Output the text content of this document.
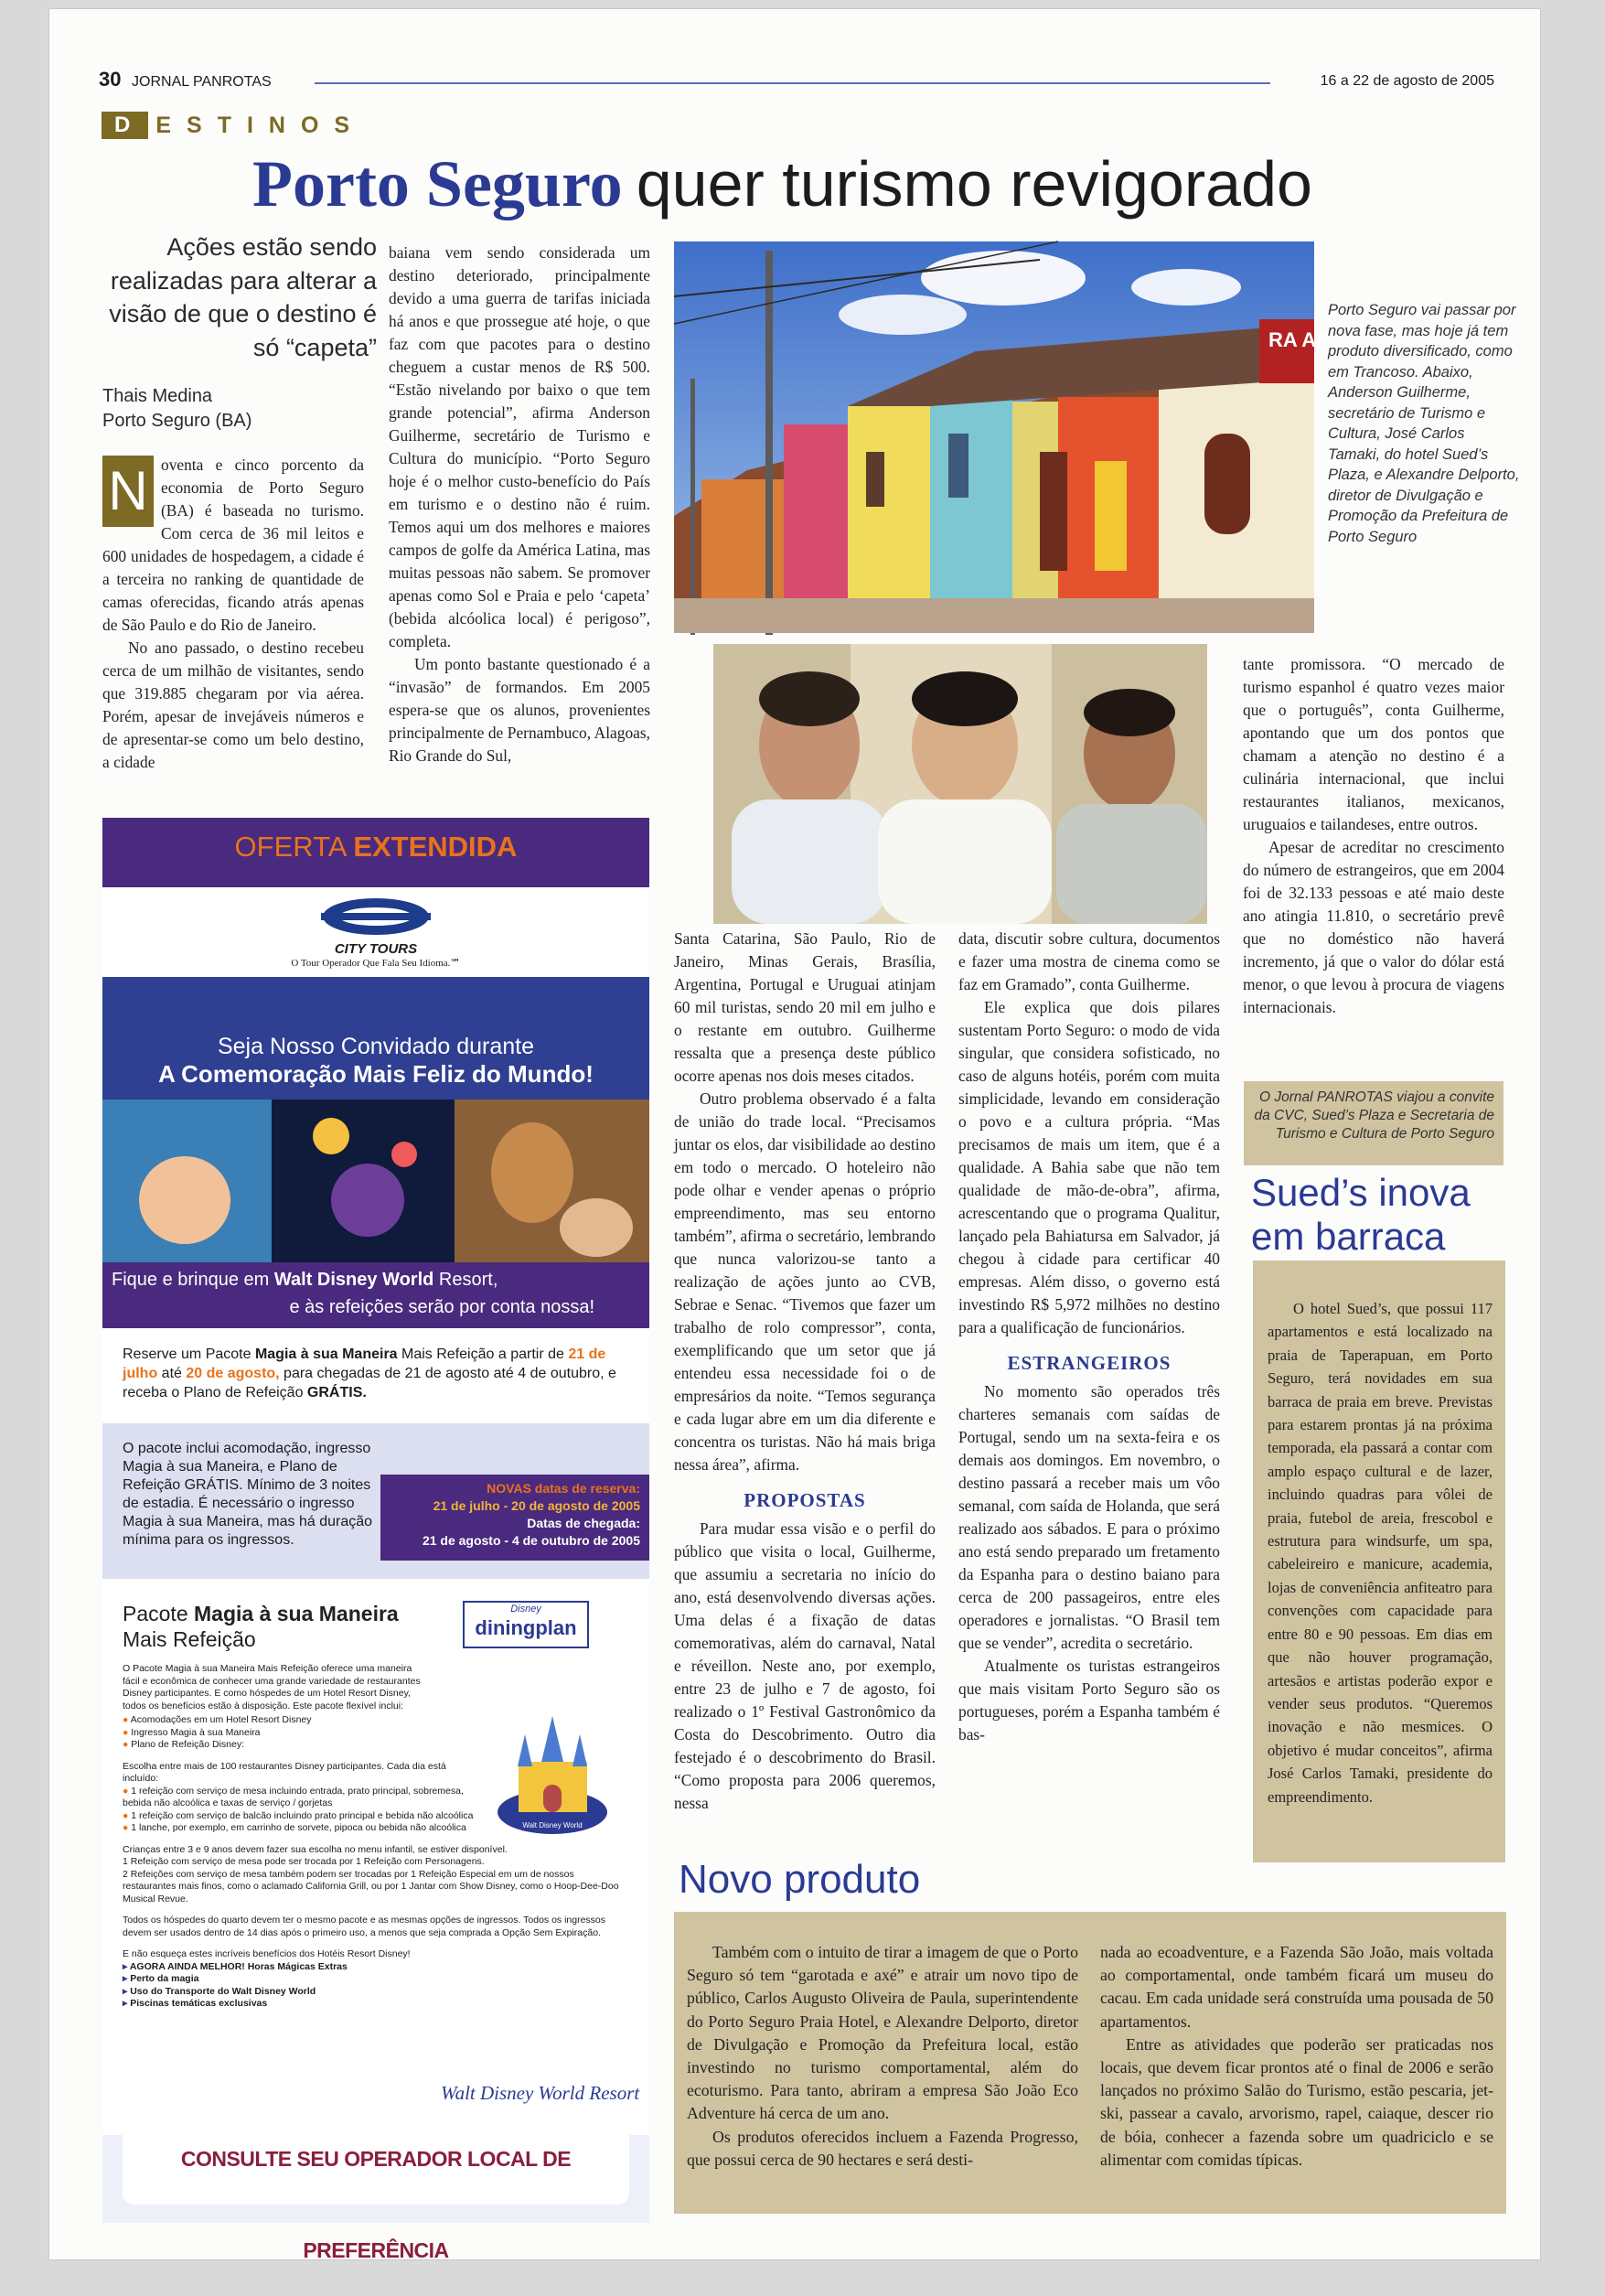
30 JORNAL PANROTAS	16 a 22 de agosto de 2005
D ESTINOS
Porto Seguro quer turismo revigorado
Ações estão sendo realizadas para alterar a visão de que o destino é só “capeta”
Thais Medina
Porto Seguro (BA)
N oventa e cinco porcento da economia de Porto Seguro (BA) é baseada no turismo. Com cerca de 36 mil leitos e 600 unidades de hospedagem, a cidade é a terceira no ranking de quantidade de camas oferecidas, ficando atrás apenas de São Paulo e do Rio de Janeiro.

No ano passado, o destino recebeu cerca de um milhão de visitantes, sendo que 319.885 chegaram por via aérea. Porém, apesar de invejáveis números e de apresentar-se como um belo destino, a cidade

baiana vem sendo considerada um destino deteriorado, principalmente devido a uma guerra de tarifas iniciada há anos e que prossegue até hoje, o que faz com que pacotes para o destino cheguem a custar menos de R$ 500. “Estão nivelando por baixo o que tem grande potencial”, afirma Anderson Guilherme, secretário de Turismo e Cultura do município. “Porto Seguro hoje é o melhor custo-benefício do País em turismo e o destino não é ruim. Temos aqui um dos melhores e maiores campos de golfe da América Latina, mas muitas pessoas não sabem. Se promover apenas como Sol e Praia e pelo ‘capeta’ (bebida alcóolica local) é perigoso”, completa.

Um ponto bastante questionado é a “invasão” de formandos. Em 2005 espera-se que os alunos, provenientes principalmente de Pernambuco, Alagoas, Rio Grande do Sul,

RA AR
Porto Seguro vai passar por nova fase, mas hoje já tem produto diversificado, como em Trancoso. Abaixo, Anderson Guilherme, secretário de Turismo e Cultura, José Carlos Tamaki, do hotel Sued’s Plaza, e Alexandre Delporto, diretor de Divulgação e Promoção da Prefeitura de Porto Seguro

Santa Catarina, São Paulo, Rio de Janeiro, Minas Gerais, Brasília, Argentina, Portugal e Uruguai atinjam 60 mil turistas, sendo 20 mil em julho e o restante em outubro. Guilherme ressalta que a presença deste público ocorre apenas nos dois meses citados.

Outro problema observado é a falta de união do trade local. “Precisamos juntar os elos, dar visibilidade ao destino em todo o mercado. O hoteleiro não pode olhar e vender apenas o próprio empreendimento, mas seu entorno também”, afirma o secretário, lembrando que nunca valorizou-se tanto a realização de ações junto ao CVB, Sebrae e Senac. “Tivemos que fazer um trabalho de rolo compressor”, conta, exemplificando que um setor que já entendeu essa necessidade foi o de empresários da noite. “Temos segurança e cada lugar abre em um dia diferente e concentra os turistas. Não há mais briga nessa área”, afirma.

PROPOSTAS

Para mudar essa visão e o perfil do público que visita o local, Guilherme, que assumiu a secretaria no início do ano, está desenvolvendo diversas ações. Uma delas é a fixação de datas comemorativas, além do carnaval, Natal e réveillon. Neste ano, por exemplo, entre 23 de julho e 7 de agosto, foi realizado o 1º Festival Gastronômico da Costa do Descobrimento. Outro dia festejado é o descobrimento do Brasil. “Como proposta para 2006 queremos, nessa

data, discutir sobre cultura, documentos e fazer uma mostra de cinema como se faz em Gramado”, conta Guilherme.

Ele explica que dois pilares sustentam Porto Seguro: o modo de vida singular, que considera sofisticado, no caso de alguns hotéis, porém com muita simplicidade, levando em consideração o povo e a cultura própria. “Mas precisamos de mais um item, que é a qualidade. A Bahia sabe que não tem qualidade de mão-de-obra”, afirma, acrescentando que o programa Qualitur, lançado pela Bahiatursa em Salvador, já chegou à cidade para certificar 40 empresas. Além disso, o governo está investindo R$ 5,972 milhões no destino para a qualificação de funcionários.

ESTRANGEIROS

No momento são operados três charteres semanais com saídas de Portugal, sendo um na sexta-feira e os demais aos domingos. Em novembro, o destino passará a receber mais um vôo semanal, com saída de Holanda, que será realizado aos sábados. E para o próximo ano está sendo preparado um fretamento da Espanha para o destino baiano para cerca de 200 passageiros, entre eles operadores e jornalistas. “O Brasil tem que se vender”, acredita o secretário.

Atualmente os turistas estrangeiros que mais visitam Porto Seguro são os portugueses, porém a Espanha também é bas-

tante promissora. “O mercado de turismo espanhol é quatro vezes maior que o português”, conta Guilherme, apontando que um dos pontos que chamam a atenção no destino é a culinária internacional, que inclui restaurantes italianos, mexicanos, uruguaios e tailandeses, entre outros.

Apesar de acreditar no crescimento do número de estrangeiros, que em 2004 foi de 32.133 pessoas e até maio deste ano atingia 11.810, o secretário prevê que no doméstico não haverá incremento, já que o valor do dólar está menor, o que levou à procura de viagens internacionais.

O Jornal PANROTAS viajou a convite da CVC, Sued’s Plaza e Secretaria de Turismo e Cultura de Porto Seguro
Sued’s inova
em barraca

O hotel Sued’s, que possui 117 apartamentos e está localizado na praia de Taperapuan, em Porto Seguro, terá novidades em sua barraca de praia em breve. Previstas para estarem prontas já na próxima temporada, ela passará a contar com amplo espaço cultural e de lazer, incluindo quadras para vôlei de praia, futebol de areia, frescobol e estrutura para windsurfe, um spa, cabeleireiro e manicure, academia, lojas de conveniência anfiteatro para convenções com capacidade para entre 80 e 90 pessoas. Em dias em que não houver programação, artesãos e artistas poderão expor e vender seus produtos. “Queremos inovação e não mesmices. O objetivo é mudar conceitos”, afirma José Carlos Tamaki, presidente do empreendimento.

Novo produto

Também com o intuito de tirar a imagem de que o Porto Seguro só tem “garotada e axé” e atrair um novo tipo de público, Carlos Augusto Oliveira de Paula, superintendente do Porto Seguro Praia Hotel, e Alexandre Delporto, diretor de Divulgação e Promoção da Prefeitura local, estão investindo no turismo comportamental, além do ecoturismo. Para tanto, abriram a empresa São João Eco Adventure há cerca de um ano.

Os produtos oferecidos incluem a Fazenda Progresso, que possui cerca de 90 hectares e será desti-

nada ao ecoadventure, e a Fazenda São João, mais voltada ao comportamental, onde também ficará um museu do cacau. Em cada unidade será construída uma pousada de 50 apartamentos.

Entre as atividades que poderão ser praticadas nos locais, que devem ficar prontos até o final de 2006 e serão lançados no próximo Salão do Turismo, estão pescaria, jet-ski, passear a cavalo, arvorismo, rapel, caiaque, descer rio de bóia, conhecer a fazenda sobre um quadriciclo e se alimentar com comidas típicas.

OFERTA EXTENDIDA
CITY TOURS
O Tour Operador Que Fala Seu Idioma.℠
Seja Nosso Convidado durante
A Comemoração Mais Feliz do Mundo!
Fique e brinque em Walt Disney World Resort,
e às refeições serão por conta nossa!
Reserve um Pacote Magia à sua Maneira Mais Refeição a partir de 21 de julho até 20 de agosto, para chegadas de 21 de agosto até 4 de outubro, e receba o Plano de Refeição GRÁTIS.
O pacote inclui acomodação, ingresso Magia à sua Maneira, e Plano de Refeição GRÁTIS. Mínimo de 3 noites de estadia. É necessário o ingresso Magia à sua Maneira, mas há duração mínima para os ingressos.
NOVAS datas de reserva:
21 de julho - 20 de agosto de 2005
Datas de chegada:
21 de agosto - 4 de outubro de 2005
Pacote Magia à sua Maneira
Mais Refeição
Disney
diningplan
O Pacote Magia à sua Maneira Mais Refeição oferece uma maneira fácil e econômica de conhecer uma grande variedade de restaurantes Disney participantes. E como hóspedes de um Hotel Resort Disney, todos os benefícios estão à disposição. Este pacote flexível inclui:
● Acomodações em um Hotel Resort Disney
● Ingresso Magia à sua Maneira
● Plano de Refeição Disney:
Escolha entre mais de 100 restaurantes Disney participantes. Cada dia está incluído:
● 1 refeição com serviço de mesa incluindo entrada, prato principal, sobremesa, bebida não alcoólica e taxas de serviço / gorjetas
● 1 refeição com serviço de balcão incluindo prato principal e bebida não alcoólica
● 1 lanche, por exemplo, em carrinho de sorvete, pipoca ou bebida não alcoólica
Crianças entre 3 e 9 anos devem fazer sua escolha no menu infantil, se estiver disponível.
1 Refeição com serviço de mesa pode ser trocada por 1 Refeição com Personagens.
2 Refeições com serviço de mesa também podem ser trocadas por 1 Refeição Especial em um de nossos restaurantes mais finos, como o aclamado California Grill, ou por 1 Jantar com Show Disney, como o Hoop-Dee-Doo Musical Revue.
Todos os hóspedes do quarto devem ter o mesmo pacote e as mesmas opções de ingressos. Todos os ingressos devem ser usados dentro de 14 dias após o primeiro uso, a menos que seja comprada a Opção Sem Expiração.
E não esqueça estes incríveis benefícios dos Hotéis Resort Disney!
▸ AGORA AINDA MELHOR! Horas Mágicas Extras
▸ Perto da magia
▸ Uso do Transporte do Walt Disney World
▸ Piscinas temáticas exclusivas
Walt Disney World
Walt Disney World Resort
CONSULTE SEU OPERADOR LOCAL DE PREFERÊNCIA
